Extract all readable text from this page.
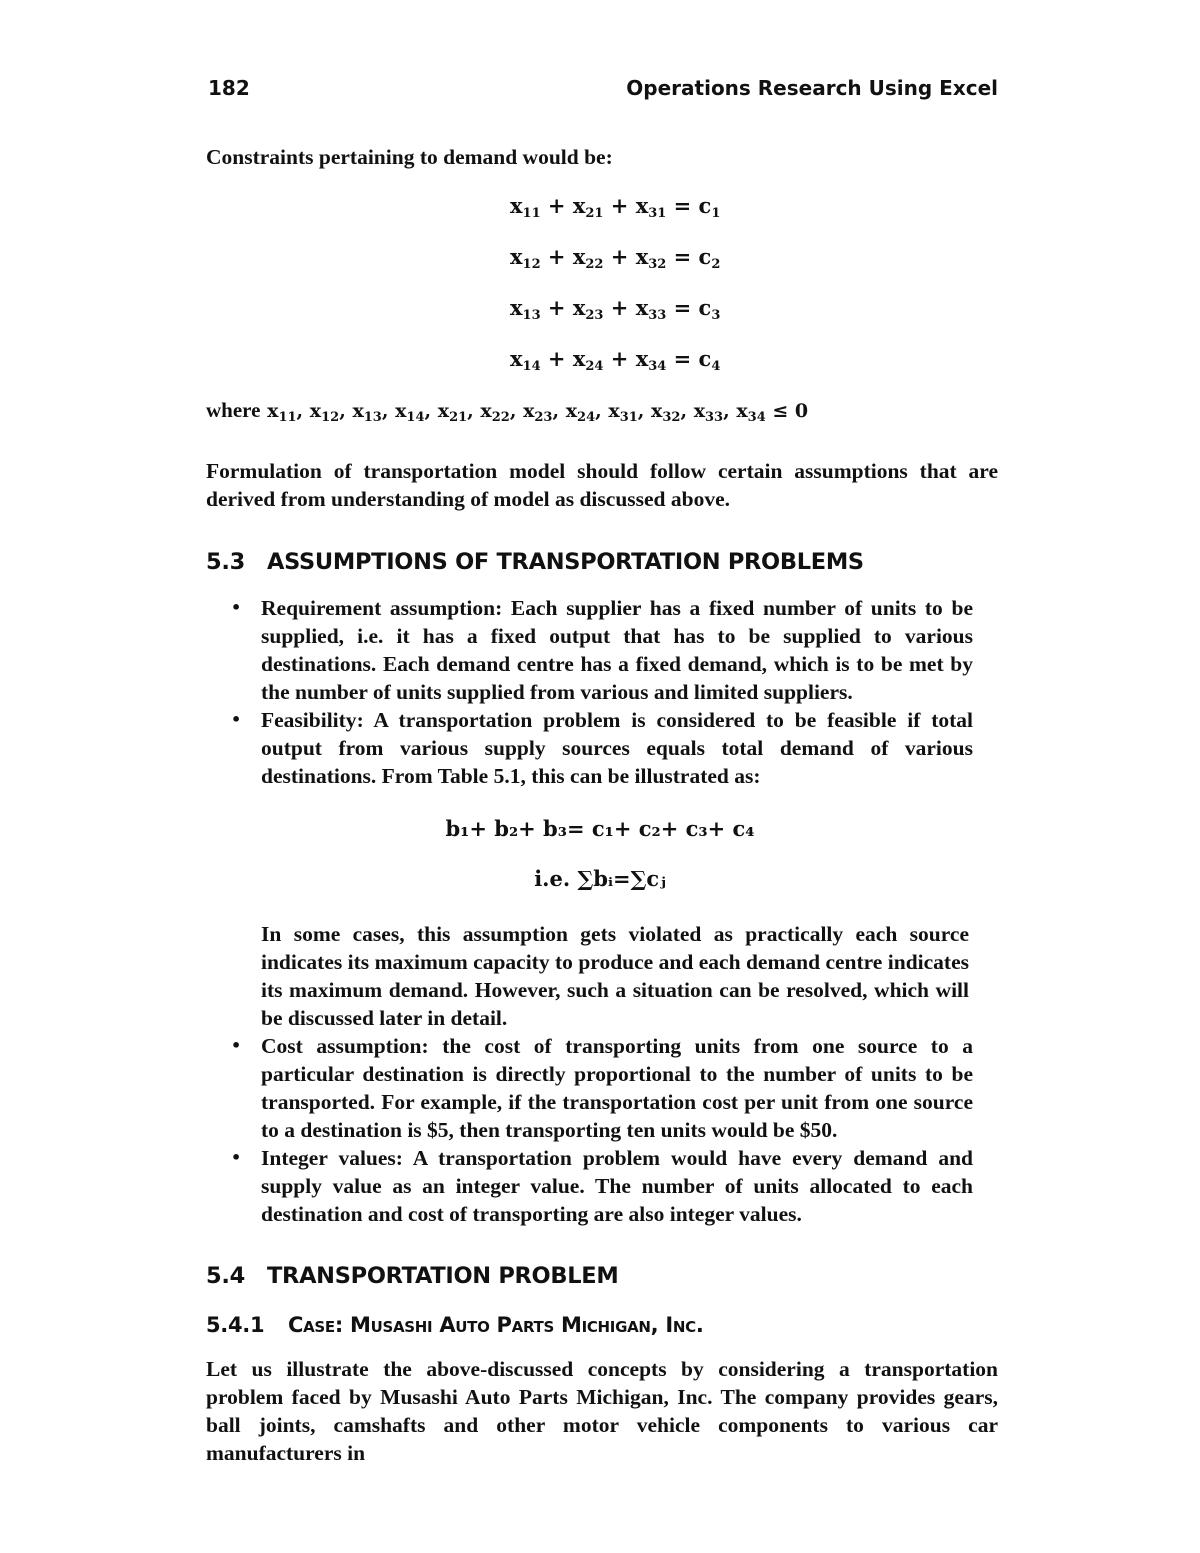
182	Operations Research Using Excel

Constraints pertaining to demand would be:

$x_{11} + x_{21} + x_{31} = c_1$
$x_{12} + x_{22} + x_{32} = c_2$
$x_{13} + x_{23} + x_{33} = c_3$
$x_{14} + x_{24} + x_{34} = c_4$
where $x_{11}$, $x_{12}$, $x_{13}$, $x_{14}$, $x_{21}$, $x_{22}$, $x_{23}$, $x_{24}$, $x_{31}$, $x_{32}$, $x_{33}$, $x_{34} \le 0$

Formulation of transportation model should follow certain assumptions that are derived from understanding of model as discussed above.

5.3 ASSUMPTIONS OF TRANSPORTATION PROBLEMS
• Requirement assumption: Each supplier has a fixed number of units to be supplied, i.e. it has a fixed output that has to be supplied to various destinations. Each demand centre has a fixed demand, which is to be met by the number of units supplied from various and limited suppliers.
• Feasibility: A transportation problem is considered to be feasible if total output from various supply sources equals total demand of various destinations. From Table 5.1, this can be illustrated as:
b₁+ b₂+ b₃= c₁+ c₂+ c₃+ c₄
i.e. ∑bᵢ=∑cⱼ

In some cases, this assumption gets violated as practically each source indicates its maximum capacity to produce and each demand centre indicates its maximum demand. However, such a situation can be resolved, which will be discussed later in detail.

• Cost assumption: the cost of transporting units from one source to a particular destination is directly proportional to the number of units to be transported. For example, if the transportation cost per unit from one source to a destination is $5, then transporting ten units would be $50.
• Integer values: A transportation problem would have every demand and supply value as an integer value. The number of units allocated to each destination and cost of transporting are also integer values.
5.4 TRANSPORTATION PROBLEM
5.4.1 Case: Musashi Auto Parts Michigan, Inc.

Let us illustrate the above-discussed concepts by considering a transportation problem faced by Musashi Auto Parts Michigan, Inc. The company provides gears, ball joints, camshafts and other motor vehicle components to various car manufacturers in
